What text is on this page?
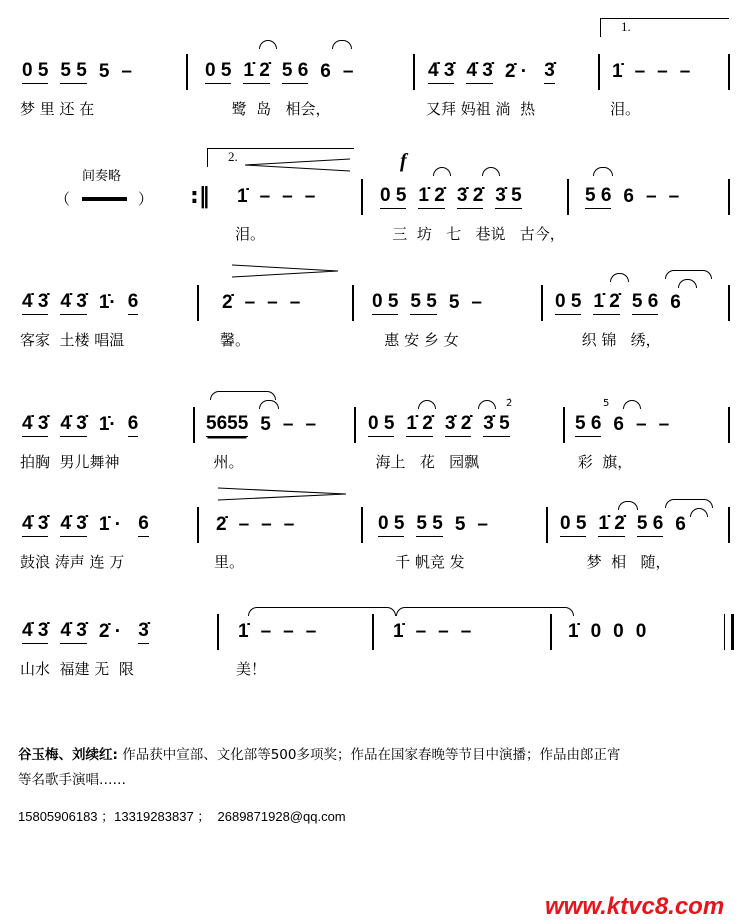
0 5 5 5 5 –
梦 里 还 在
0 5 1̇ 2̇ 5 6 6 –
鹭  岛   相会，
4̇ 3̇ 4̇ 3̇ 2̇ · 3̇
又拜 妈祖 淌  热
1̇ – – –
泪。
1̇ – – –
泪。
0 5 1̇ 2̇ 3̇ 2̇ 3̇ 5
三  坊   七   巷说   古今，
5 6 6 – –
4̇ 3̇ 4̇ 3̇ 1̇· 6
客家  土楼 唱温
2̇ – – –
馨。
0 5 5 5 5 –
惠 安 乡 女
0 5 1̇ 2̇ 5 6 6
织 锦   绣，
4̇ 3̇ 4̇ 3̇ 1̇· 6
拍胸  男儿舞神
5655 5 – –
州。
0 5 1̇ 2̇ 3̇ 2̇ 3̇ 5
海上   花   园飘
5 6 6 – –
彩  旗，
4̇ 3̇ 4̇ 3̇ 1̇ · 6
鼓浪 涛声 连 万
2̇ – – –
里。
0 5 5 5 5 –
千 帆竞 发
0 5 1̇ 2̇ 5 6 6
梦  相   随，
4̇ 3̇ 4̇ 3̇ 2̇ · 3̇
山水  福建 无  限
1̇ – – –
美！
1̇ – – –	1̇ 0 0 0
1.
2.
间奏略
（	） :‖
f
2̇	5
谷玉梅、刘续红: 作品获中宣部、文化部等500多项奖；作品在国家春晚等节目中演播；作品由郎正宵
等名歌手演唱……
15805906183 ；13319283837 ；  2689871928@qq.com
www.ktvc8.com
